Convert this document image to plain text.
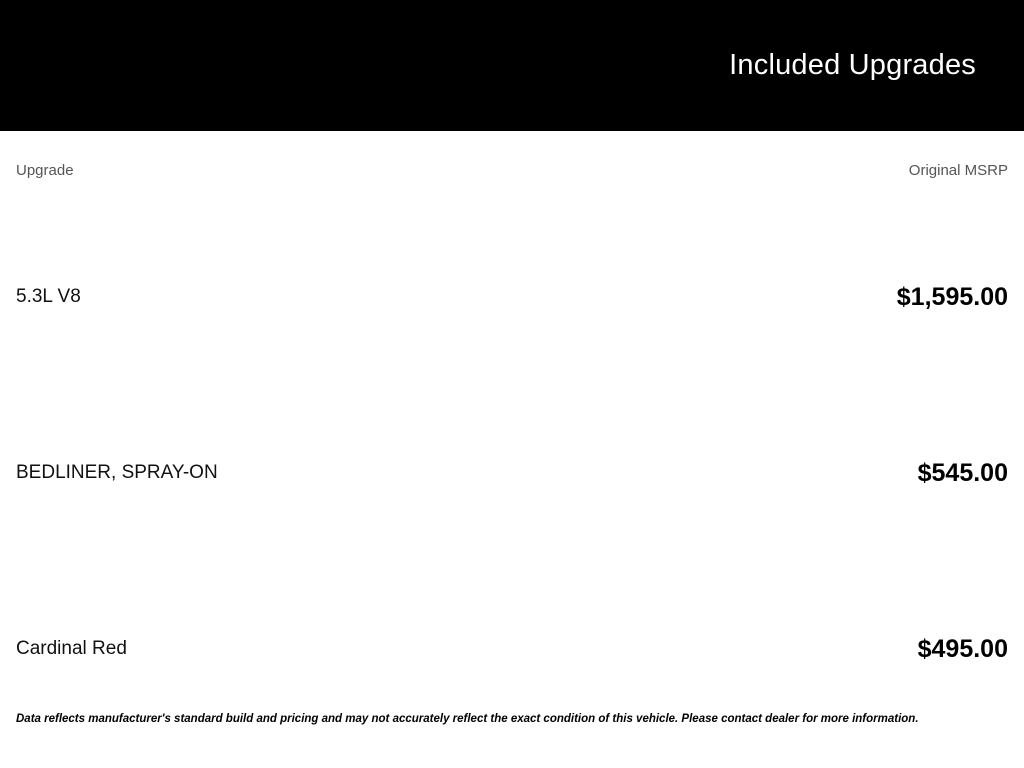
Included Upgrades
Upgrade	Original MSRP
5.3L V8	$1,595.00
BEDLINER, SPRAY-ON	$545.00
Cardinal Red	$495.00
Data reflects manufacturer's standard build and pricing and may not accurately reflect the exact condition of this vehicle. Please contact dealer for more information.
